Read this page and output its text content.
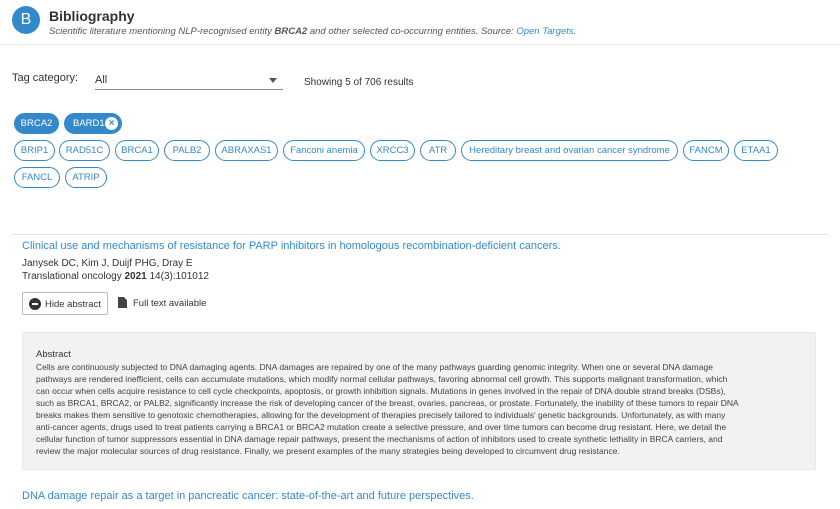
B	Bibliography
Scientific literature mentioning NLP-recognised entity BRCA2 and other selected co-occurring entities. Source: Open Targets.
Tag category: All	Showing 5 of 706 results
BRCA2	BARD1 ×
BRIP1	RAD51C	BRCA1	PALB2	ABRAXAS1	Fanconi anemia	XRCC3	ATR	Hereditary breast and ovarian cancer syndrome	FANCM	ETAA1
FANCL	ATRIP
Clinical use and mechanisms of resistance for PARP inhibitors in homologous recombination-deficient cancers.
Janysek DC, Kim J, Duijf PHG, Dray E
Translational oncology 2021 14(3):101012
Hide abstract	Full text available
Abstract
Cells are continuously subjected to DNA damaging agents. DNA damages are repaired by one of the many pathways guarding genomic integrity. When one or several DNA damage
pathways are rendered inefficient, cells can accumulate mutations, which modify normal cellular pathways, favoring abnormal cell growth. This supports malignant transformation, which
can occur when cells acquire resistance to cell cycle checkpoints, apoptosis, or growth inhibition signals. Mutations in genes involved in the repair of DNA double strand breaks (DSBs),
such as BRCA1, BRCA2, or PALB2, significantly increase the risk of developing cancer of the breast, ovaries, pancreas, or prostate. Fortunately, the inability of these tumors to repair DNA
breaks makes them sensitive to genotoxic chemotherapies, allowing for the development of therapies precisely tailored to individuals' genetic backgrounds. Unfortunately, as with many
anti-cancer agents, drugs used to treat patients carrying a BRCA1 or BRCA2 mutation create a selective pressure, and over time tumors can become drug resistant. Here, we detail the
cellular function of tumor suppressors essential in DNA damage repair pathways, present the mechanisms of action of inhibitors used to create synthetic lethality in BRCA carriers, and
review the major molecular sources of drug resistance. Finally, we present examples of the many strategies being developed to circumvent drug resistance.
DNA damage repair as a target in pancreatic cancer: state-of-the-art and future perspectives.
